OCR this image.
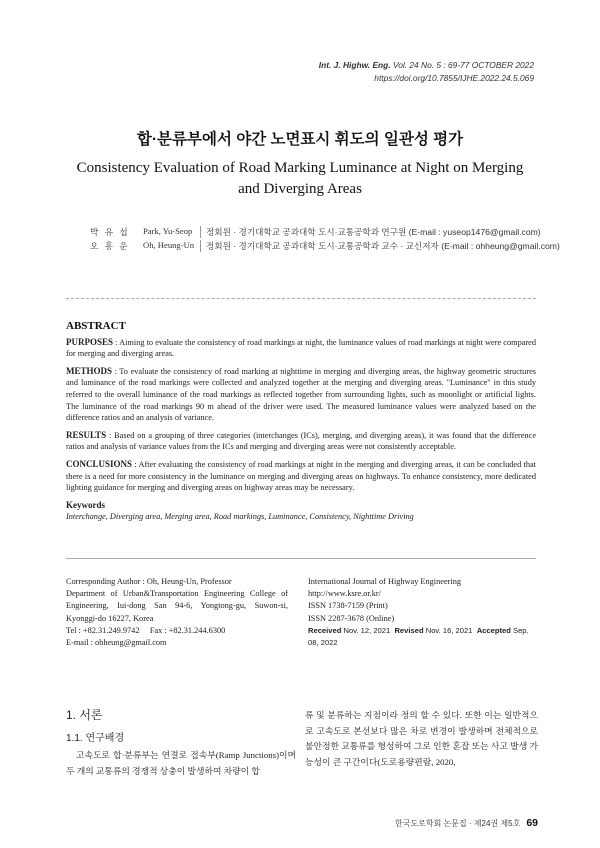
Int. J. Highw. Eng. Vol. 24 No. 5 : 69-77 OCTOBER 2022
https://doi.org/10.7855/IJHE.2022.24.5.069
합·분류부에서 야간 노면표시 휘도의 일관성 평가
Consistency Evaluation of Road Marking Luminance at Night on Merging and Diverging Areas
박 유 섭	Park, Yu-Seop	정회원 · 경기대학교 공과대학 도시·교통공학과 연구원 (E-mail : yuseop1476@gmail.com)
오 흥 운	Oh, Heung-Un	정회원 · 경기대학교 공과대학 도시·교통공학과 교수 · 교신저자 (E-mail : ohheung@gmail.com)
ABSTRACT

PURPOSES : Aiming to evaluate the consistency of road markings at night, the luminance values of road markings at night were compared for merging and diverging areas.

METHODS : To evaluate the consistency of road marking at nighttime in merging and diverging areas, the highway geometric structures and luminance of the road markings were collected and analyzed together at the merging and diverging areas. "Luminance" in this study referred to the overall luminance of the road markings as reflected together from surrounding lights, such as moonlight or artificial lights. The luminance of the road markings 90 m ahead of the driver were used. The measured luminance values were analyzed based on the difference ratios and an analysis of variance.

RESULTS : Based on a grouping of three categories (interchanges (ICs), merging, and diverging areas), it was found that the difference ratios and analysis of variance values from the ICs and merging and diverging areas were not consistently acceptable.

CONCLUSIONS : After evaluating the consistency of road markings at night in the merging and diverging areas, it can be concluded that there is a need for more consistency in the luminance on merging and diverging areas on highways. To enhance consistency, more dedicated lighting guidance for merging and diverging areas on highway areas may be necessary.

Keywords

Interchange, Diverging area, Merging area, Road markings, Luminance, Consistency, Nighttime Driving

Corresponding Author : Oh, Heung-Un, Professor
Department of Urban&Transportation Engineering College of Engineering, Iui-dong San 94-6, Yongtong-gu, Suwon-si, Kyonggi-do 16227, Korea
Tel : +82.31.249.9742     Fax : +82.31.244.6300
E-mail : ohheung@gmail.com
International Journal of Highway Engineering
http://www.ksre.or.kr/
ISSN 1738-7159 (Print)
ISSN 2287-3678 (Online)
Received Nov. 12, 2021 Revised Nov. 16, 2021 Accepted Sep. 08, 2022
1. 서론
1.1. 연구배경

고속도로 합·분류부는 연결로 접속부(Ramp Junctions)이며 두 개의 교통류의 경쟁적 상충이 발생하여 차량이 합

류 및 분류하는 지점이라 정의 할 수 있다. 또한 이는 일반적으로 고속도로 본선보다 많은 차로 변경이 발생하며 전체적으로 불안정한 교통류를 형성하여 그로 인한 혼잡 또는 사고 발생 가능성이 큰 구간이다(도로용량편람, 2020,

한국도로학회 논문집 · 제24권 제5호 69
